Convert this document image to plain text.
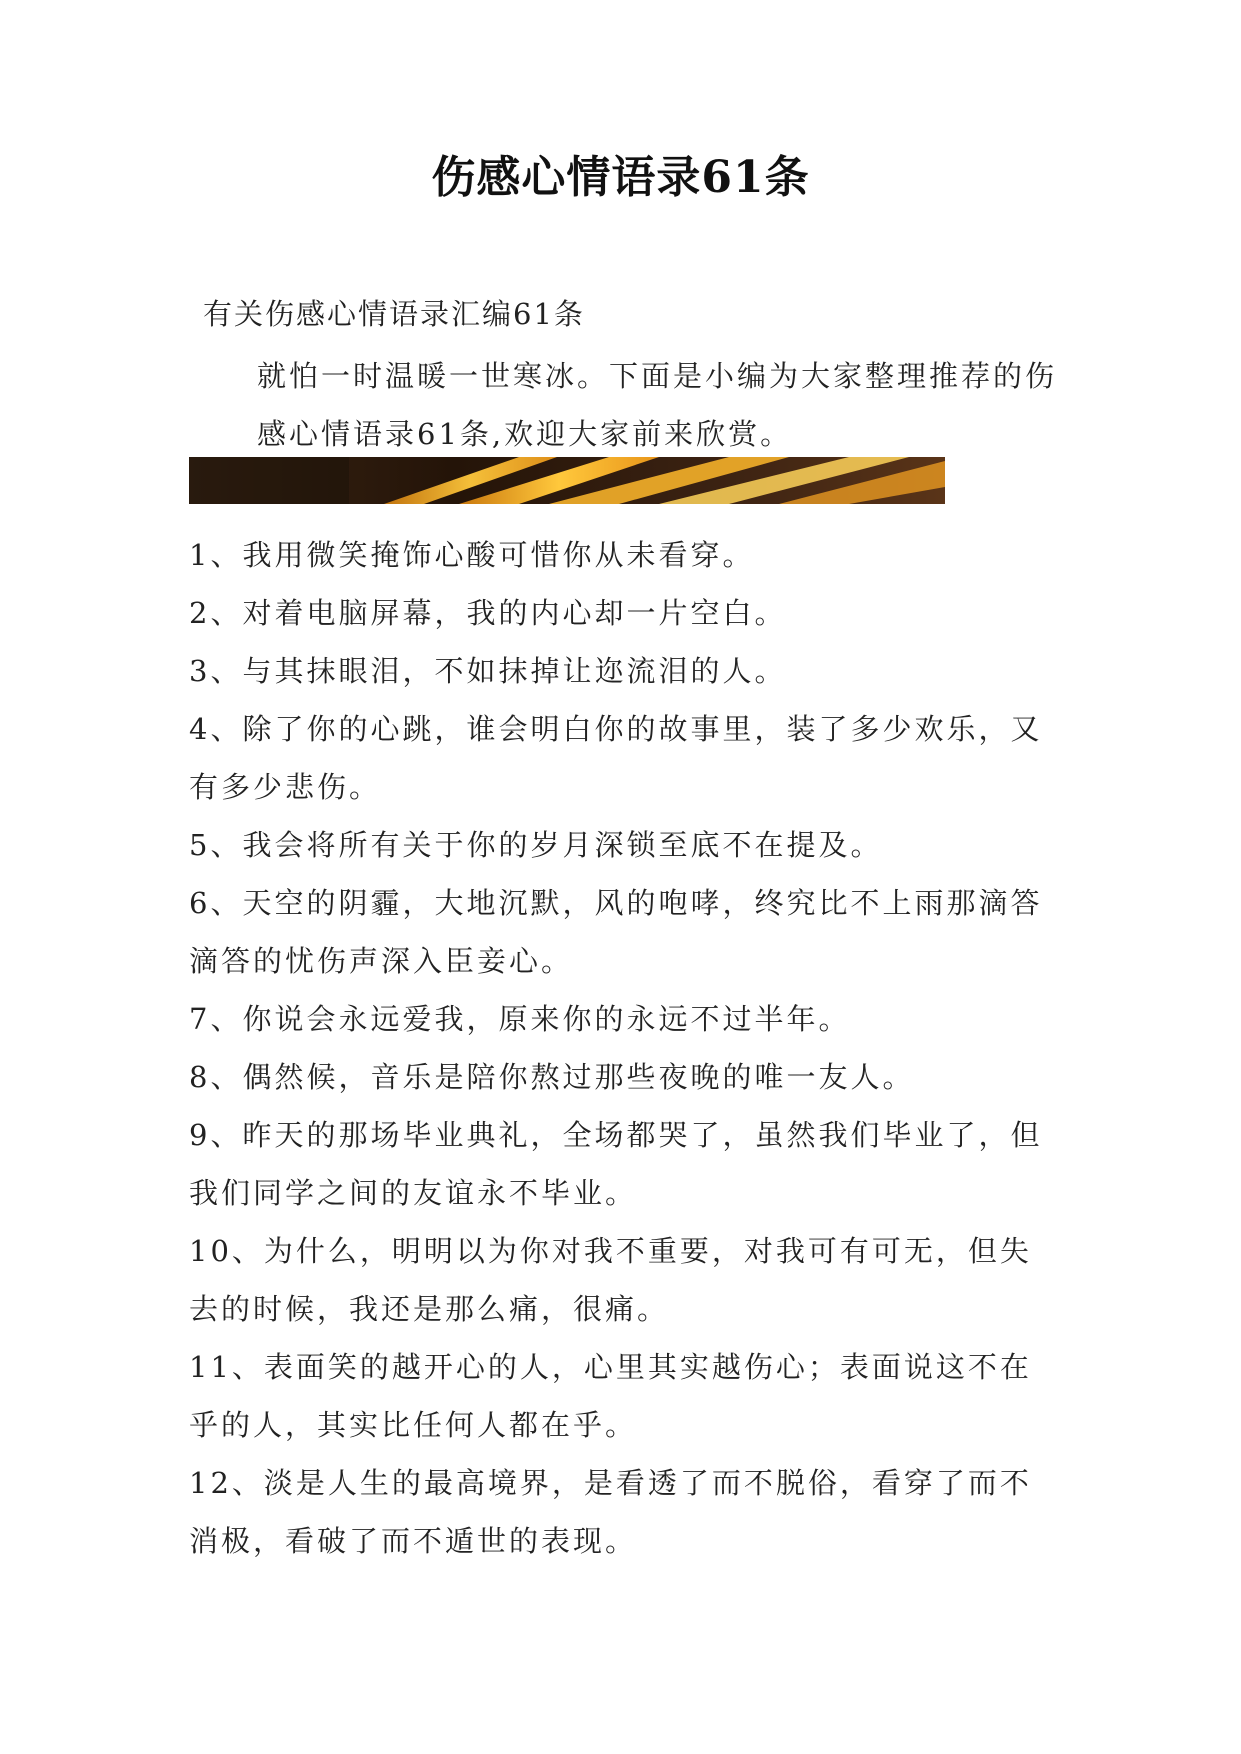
伤感心情语录61条
有关伤感心情语录汇编61条
就怕一时温暖一世寒冰。下面是小编为大家整理推荐的伤感心情语录61条,欢迎大家前来欣赏。
1、我用微笑掩饰心酸可惜你从未看穿。
2、对着电脑屏幕，我的内心却一片空白。
3、与其抹眼泪，不如抹掉让迩流泪的人。
4、除了你的心跳，谁会明白你的故事里，装了多少欢乐，又有多少悲伤。
5、我会将所有关于你的岁月深锁至底不在提及。
6、天空的阴霾，大地沉默，风的咆哮，终究比不上雨那滴答滴答的忧伤声深入臣妾心。
7、你说会永远爱我，原来你的永远不过半年。
8、偶然候，音乐是陪你熬过那些夜晚的唯一友人。
9、昨天的那场毕业典礼，全场都哭了，虽然我们毕业了，但我们同学之间的友谊永不毕业。
10、为什么，明明以为你对我不重要，对我可有可无，但失去的时候，我还是那么痛，很痛。
11、表面笑的越开心的人，心里其实越伤心；表面说这不在乎的人，其实比任何人都在乎。
12、淡是人生的最高境界，是看透了而不脱俗，看穿了而不消极，看破了而不遁世的表现。
